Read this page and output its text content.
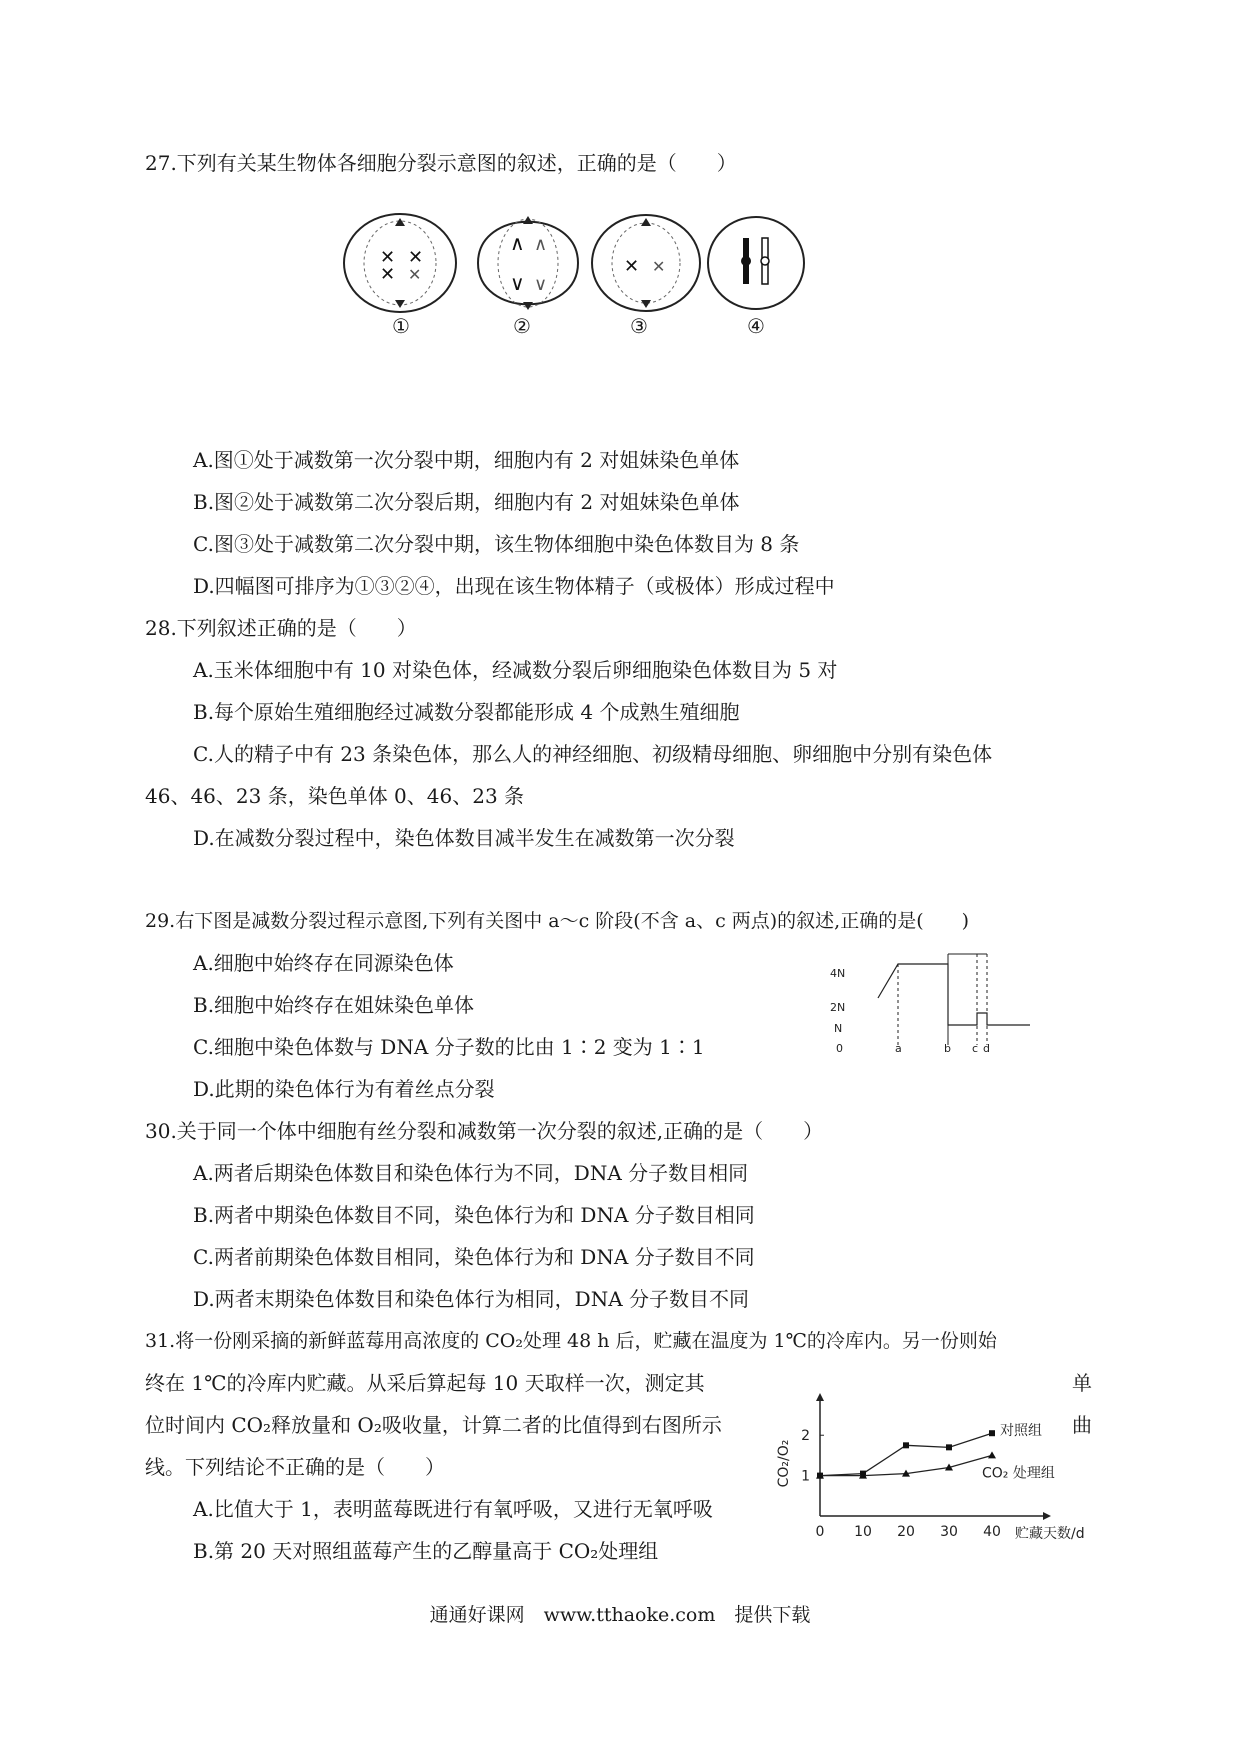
27.下列有关某生物体各细胞分裂示意图的叙述，正确的是（　　）
✕ ✕
✕ ✕
∧ ∧
∨ ∨
✕ ✕
①	②	③	④
A.图①处于减数第一次分裂中期，细胞内有 2 对姐妹染色单体
B.图②处于减数第二次分裂后期，细胞内有 2 对姐妹染色单体
C.图③处于减数第二次分裂中期，该生物体细胞中染色体数目为 8 条
D.四幅图可排序为①③②④，出现在该生物体精子（或极体）形成过程中
28.下列叙述正确的是（　　）
A.玉米体细胞中有 10 对染色体，经减数分裂后卵细胞染色体数目为 5 对
B.每个原始生殖细胞经过减数分裂都能形成 4 个成熟生殖细胞
C.人的精子中有 23 条染色体，那么人的神经细胞、初级精母细胞、卵细胞中分别有染色体
46、46、23 条，染色单体 0、46、23 条
D.在减数分裂过程中，染色体数目减半发生在减数第一次分裂
29.右下图是减数分裂过程示意图,下列有关图中 a～c 阶段(不含 a、c 两点)的叙述,正确的是(　　)
A.细胞中始终存在同源染色体
B.细胞中始终存在姐妹染色单体
C.细胞中染色体数与 DNA 分子数的比由 1∶2 变为 1∶1
D.此期的染色体行为有着丝点分裂
4N
2N
N
0	a	b c d
30.关于同一个体中细胞有丝分裂和减数第一次分裂的叙述,正确的是（　　）
A.两者后期染色体数目和染色体行为不同，DNA 分子数目相同
B.两者中期染色体数目不同，染色体行为和 DNA 分子数目相同
C.两者前期染色体数目相同，染色体行为和 DNA 分子数目不同
D.两者末期染色体数目和染色体行为相同，DNA 分子数目不同
31.将一份刚采摘的新鲜蓝莓用高浓度的 CO₂处理 48 h 后，贮藏在温度为 1℃的冷库内。另一份则始
终在 1℃的冷库内贮藏。从采后算起每 10 天取样一次，测定其	单
位时间内 CO₂释放量和 O₂吸收量，计算二者的比值得到右图所示	曲
线。下列结论不正确的是（　　）
A.比值大于 1，表明蓝莓既进行有氧呼吸，又进行无氧呼吸
B.第 20 天对照组蓝莓产生的乙醇量高于 CO₂处理组
1
2
0 10 20 30 40
CO₂/O₂
贮藏天数/d
对照组
CO₂ 处理组
通通好课网　www.tthaoke.com　提供下载
